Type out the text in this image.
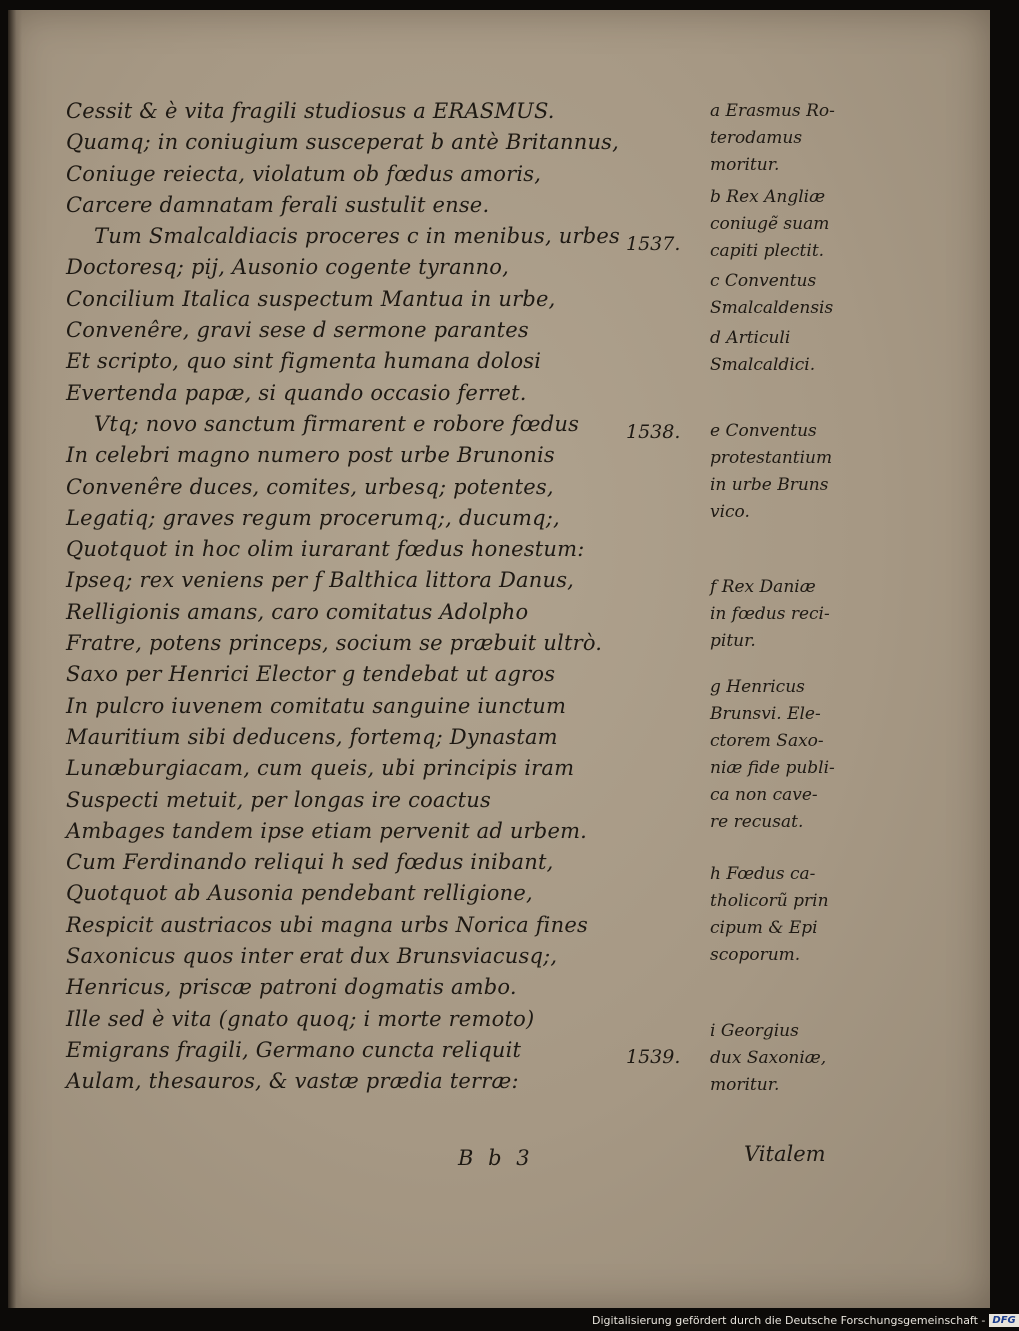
Cessit & è vita fragili studiosus a ERASMUS.
Quamq; in coniugium susceperat b antè Britannus,
Coniuge reiecta, violatum ob fœdus amoris,
Carcere damnatam ferali sustulit ense.
Tum Smalcaldiacis proceres c in menibus, urbes
Doctoresq; pij, Ausonio cogente tyranno,
Concilium Italica suspectum Mantua in urbe,
Convenêre, gravi sese d sermone parantes
Et scripto, quo sint figmenta humana dolosi
Evertenda papæ, si quando occasio ferret.
Vtq; novo sanctum firmarent e robore fœdus
In celebri magno numero post urbe Brunonis
Convenêre duces, comites, urbesq; potentes,
Legatiq; graves regum procerumq;, ducumq;,
Quotquot in hoc olim iurarant fœdus honestum:
Ipseq; rex veniens per f Balthica littora Danus,
Relligionis amans, caro comitatus Adolpho
Fratre, potens princeps, socium se præbuit ultrò.
Saxo per Henrici Elector g tendebat ut agros
In pulcro iuvenem comitatu sanguine iunctum
Mauritium sibi deducens, fortemq; Dynastam
Lunæburgiacam, cum queis, ubi principis iram
Suspecti metuit, per longas ire coactus
Ambages tandem ipse etiam pervenit ad urbem.
Cum Ferdinando reliqui h sed fœdus inibant,
Quotquot ab Ausonia pendebant relligione,
Respicit austriacos ubi magna urbs Norica fines
Saxonicus quos inter erat dux Brunsviacusq;,
Henricus, priscæ patroni dogmatis ambo.
Ille sed è vita (gnato quoq; i morte remoto)
Emigrans fragili, Germano cuncta reliquit
Aulam, thesauros, & vastæ prædia terræ:
1537.
1538.
1539.
a Erasmus Ro-
terodamus
moritur.
b Rex Angliæ
coniugẽ suam
capiti plectit.
c Conventus
Smalcaldensis
d Articuli
Smalcaldici.
e Conventus
protestantium
in urbe Bruns
vico.
f Rex Daniæ
in fœdus reci-
pitur.
g Henricus
Brunsvi. Ele-
ctorem Saxo-
niæ fide publi-
ca non cave-
re recusat.
h Fœdus ca-
tholicorũ prin
cipum & Epi
scoporum.
i Georgius
dux Saxoniæ,
moritur.
B b 3	Vitalem
Digitalisierung gefördert durch die Deutsche Forschungsgemeinschaft - DFG
